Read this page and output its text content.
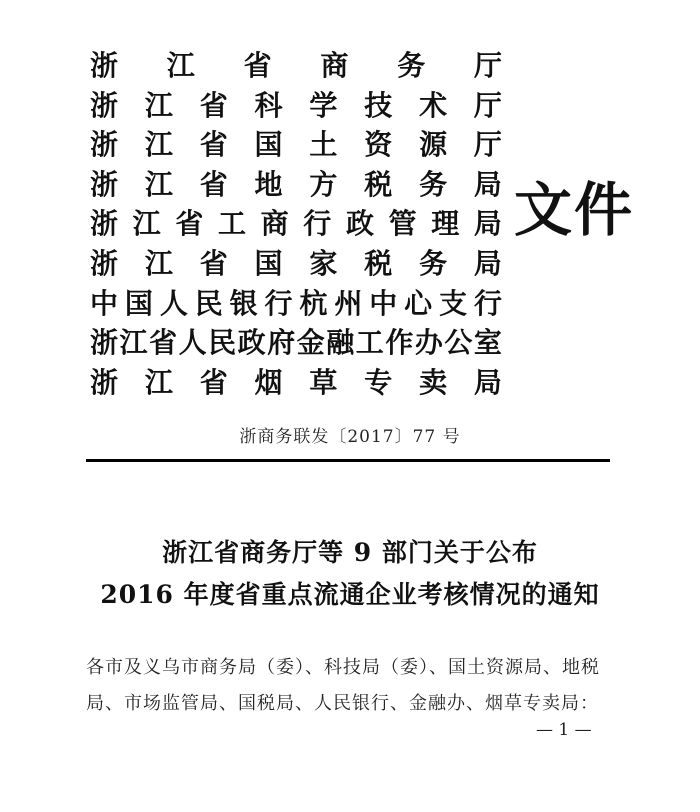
浙 江 省 商 务 厅
浙 江 省 科 学 技 术 厅
浙 江 省 国 土 资 源 厅
浙 江 省 地 方 税 务 局
浙 江 省 工 商 行 政 管 理 局
浙 江 省 国 家 税 务 局
中 国 人 民 银 行 杭 州 中 心 支 行
浙 江 省 人 民 政 府 金 融 工 作 办 公 室
浙 江 省 烟 草 专 卖 局
文件
浙商务联发〔2017〕77 号
浙江省商务厅等 9 部门关于公布
2016 年度省重点流通企业考核情况的通知
各市及义乌市商务局（委）、科技局（委）、国土资源局、地税局、市场监管局、国税局、人民银行、金融办、烟草专卖局：
— 1 —
